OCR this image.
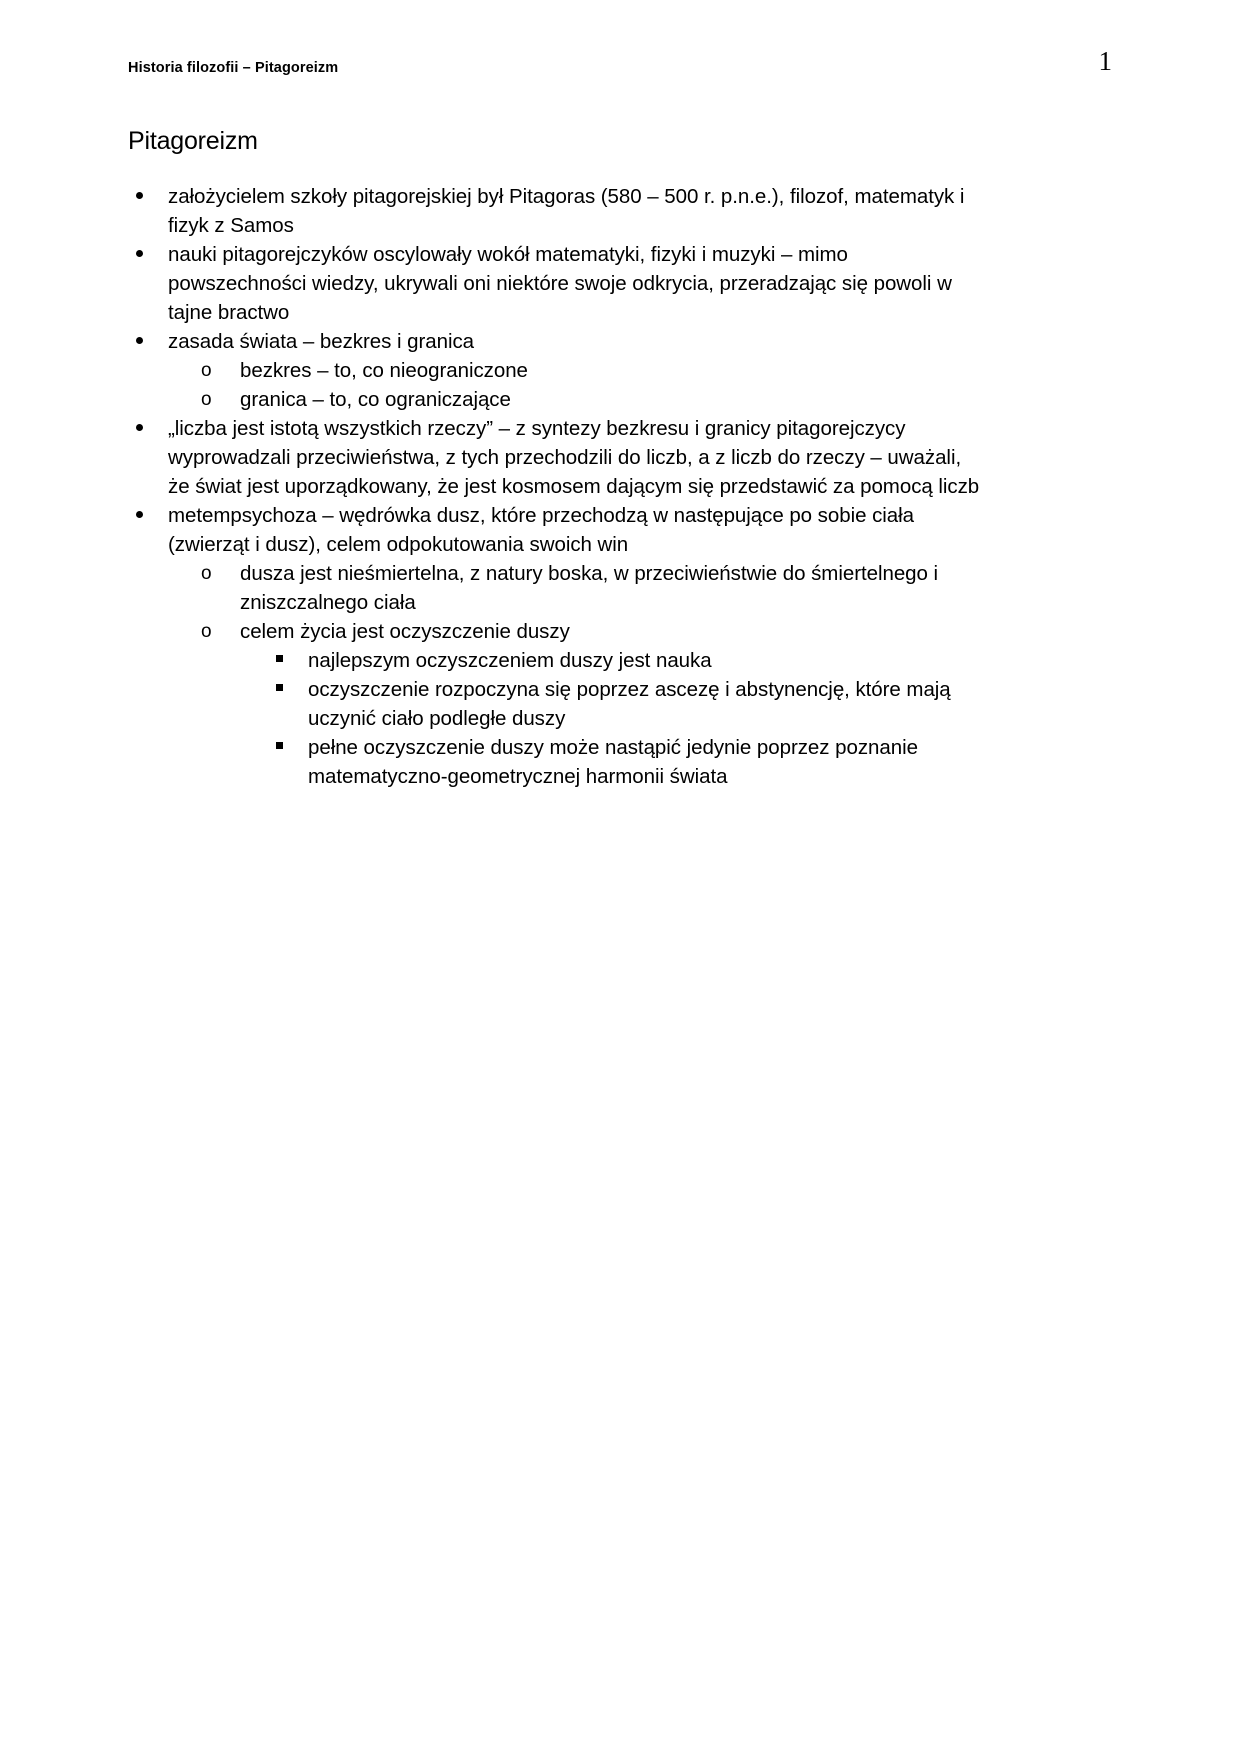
Historia filozofii – Pitagoreizm	1
Pitagoreizm
założycielem szkoły pitagorejskiej był Pitagoras (580 – 500 r. p.n.e.), filozof, matematyk i fizyk z Samos
nauki pitagorejczyków oscylowały wokół matematyki, fizyki i muzyki – mimo powszechności wiedzy, ukrywali oni niektóre swoje odkrycia, przeradzając się powoli w tajne bractwo
zasada świata – bezkres i granica
o bezkres – to, co nieograniczone
o granica – to, co ograniczające
„liczba jest istotą wszystkich rzeczy” – z syntezy bezkresu i granicy pitagorejczycy wyprowadzali przeciwieństwa, z tych przechodzili do liczb, a z liczb do rzeczy – uważali, że świat jest uporządkowany, że jest kosmosem dającym się przedstawić za pomocą liczb
metempsychoza – wędrówka dusz, które przechodzą w następujące po sobie ciała (zwierząt i dusz), celem odpokutowania swoich win
o dusza jest nieśmiertelna, z natury boska, w przeciwieństwie do śmiertelnego i zniszczalnego ciała
o celem życia jest oczyszczenie duszy
najlepszym oczyszczeniem duszy jest nauka
oczyszczenie rozpoczyna się poprzez ascezę i abstynencję, które mają uczynić ciało podległe duszy
pełne oczyszczenie duszy może nastąpić jedynie poprzez poznanie matematyczno-geometrycznej harmonii świata
